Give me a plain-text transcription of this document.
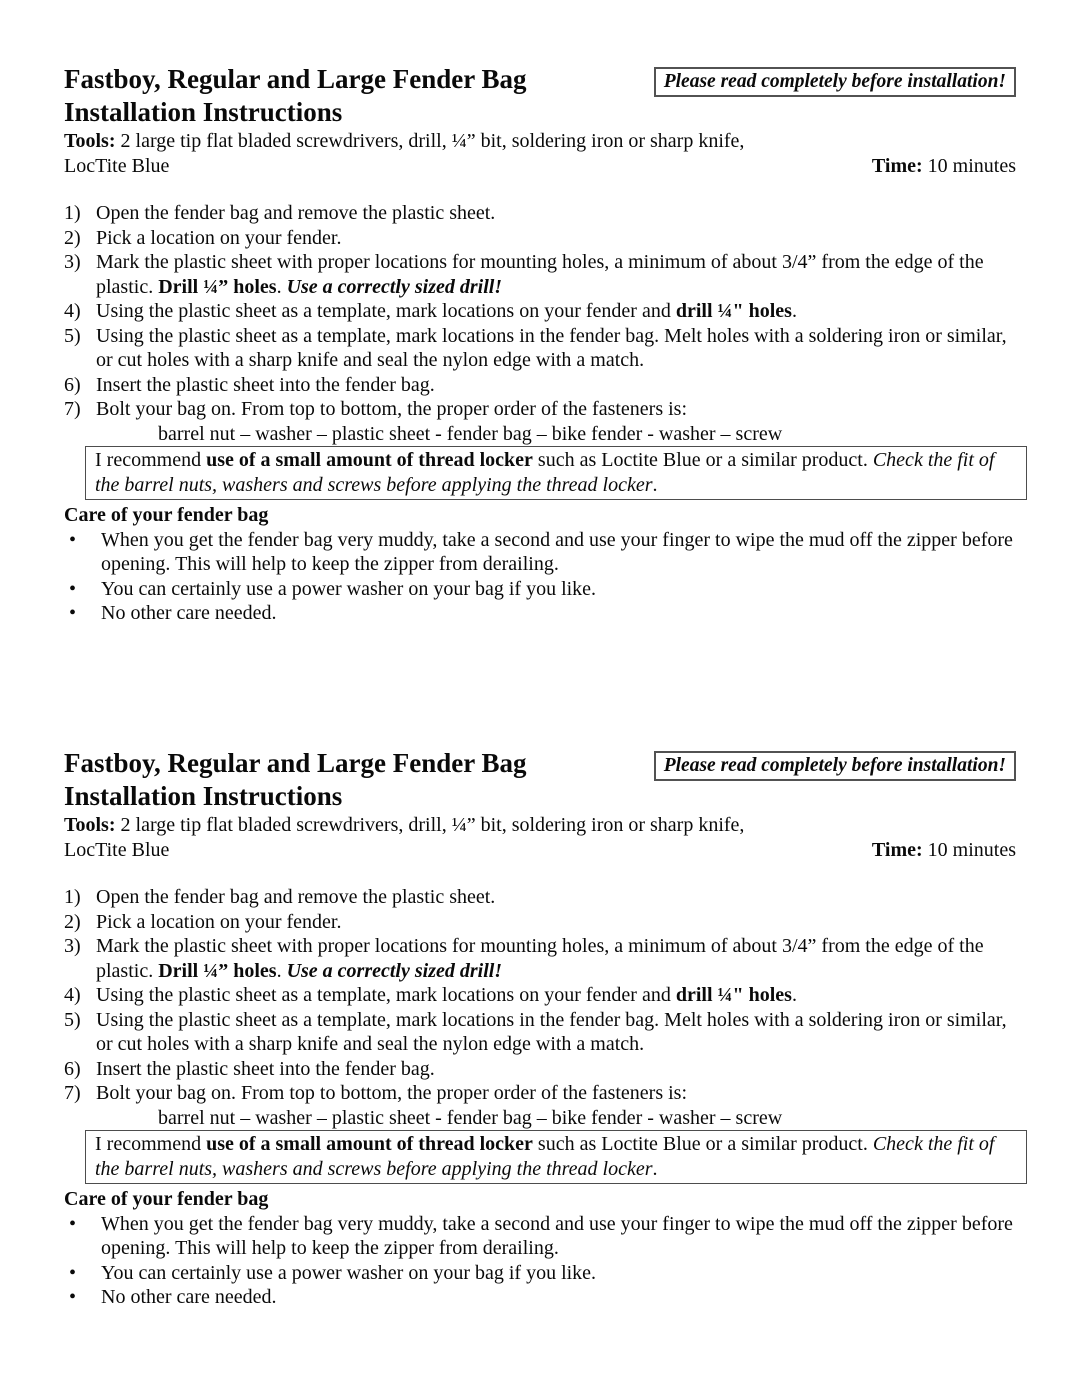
Fastboy, Regular and Large Fender Bag
Installation Instructions
Please read completely before installation!
Tools: 2 large tip flat bladed screwdrivers, drill, ¼” bit, soldering iron or sharp knife,
LocTite Blue	Time: 10 minutes
1) Open the fender bag and remove the plastic sheet.
2) Pick a location on your fender.
3) Mark the plastic sheet with proper locations for mounting holes, a minimum of about 3/4” from the edge of the plastic. Drill ¼” holes. Use a correctly sized drill!
4) Using the plastic sheet as a template, mark locations on your fender and drill ¼" holes.
5) Using the plastic sheet as a template, mark locations in the fender bag. Melt holes with a soldering iron or similar, or cut holes with a sharp knife and seal the nylon edge with a match.
6) Insert the plastic sheet into the fender bag.
7) Bolt your bag on. From top to bottom, the proper order of the fasteners is:
barrel nut – washer – plastic sheet - fender bag – bike fender - washer – screw
I recommend use of a small amount of thread locker such as Loctite Blue or a similar product. Check the fit of the barrel nuts, washers and screws before applying the thread locker.
Care of your fender bag
•	When you get the fender bag very muddy, take a second and use your finger to wipe the mud off the zipper before opening. This will help to keep the zipper from derailing.
•	You can certainly use a power washer on your bag if you like.
•	No other care needed.
Fastboy, Regular and Large Fender Bag
Installation Instructions
Please read completely before installation!
Tools: 2 large tip flat bladed screwdrivers, drill, ¼” bit, soldering iron or sharp knife,
LocTite Blue	Time: 10 minutes
1) Open the fender bag and remove the plastic sheet.
2) Pick a location on your fender.
3) Mark the plastic sheet with proper locations for mounting holes, a minimum of about 3/4” from the edge of the plastic. Drill ¼” holes. Use a correctly sized drill!
4) Using the plastic sheet as a template, mark locations on your fender and drill ¼" holes.
5) Using the plastic sheet as a template, mark locations in the fender bag. Melt holes with a soldering iron or similar, or cut holes with a sharp knife and seal the nylon edge with a match.
6) Insert the plastic sheet into the fender bag.
7) Bolt your bag on. From top to bottom, the proper order of the fasteners is:
barrel nut – washer – plastic sheet - fender bag – bike fender - washer – screw
I recommend use of a small amount of thread locker such as Loctite Blue or a similar product. Check the fit of the barrel nuts, washers and screws before applying the thread locker.
Care of your fender bag
•	When you get the fender bag very muddy, take a second and use your finger to wipe the mud off the zipper before opening. This will help to keep the zipper from derailing.
•	You can certainly use a power washer on your bag if you like.
•	No other care needed.
